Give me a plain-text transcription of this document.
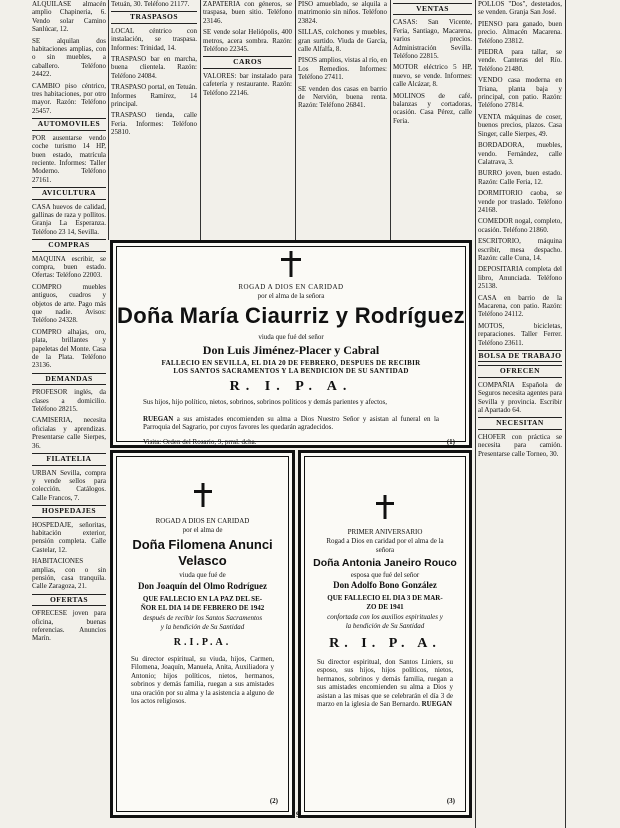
ALQUILASE almacén amplio Chapineria, 6. Vendo solar Camino Sanlúcar, 12.

SE alquilan dos habitaciones amplias, con o sin muebles, a caballero. Teléfono 24422.

CAMBIO piso céntrico, tres habitaciones, por otro mayor. Razón: Teléfono 25457.

AUTOMOVILES

POR ausentarse vendo coche turismo 14 HP, buen estado, matrícula reciente. Informes: Taller Moderno. Teléfono 27161.

AVICULTURA

CASA huevos de calidad, gallinas de raza y pollitos. Granja La Esperanza. Teléfono 23 14, Sevilla.

COMPRAS

MAQUINA escribir, se compra, buen estado. Ofertas: Teléfono 22003.

COMPRO muebles antiguos, cuadros y objetos de arte. Pago más que nadie. Avisos: Teléfono 24328.

COMPRO alhajas, oro, plata, brillantes y papeletas del Monte. Casa de la Plata. Teléfono 23136.

DEMANDAS

PROFESOR inglés, da clases a domicilio. Teléfono 28215.

CAMISERIA, necesita oficialas y aprendizas. Presentarse calle Sierpes, 36.

FILATELIA

URBAN Sevilla, compra y vende sellos para colección. Catálogos. Calle Francos, 7.

HOSPEDAJES

HOSPEDAJE, señoritas, habitación exterior, pensión completa. Calle Castelar, 12.

HABITACIONES amplias, con o sin pensión, casa tranquila. Calle Zaragoza, 21.

OFERTAS

OFRECESE joven para oficina, buenas referencias. Anuncios Marín.

Tetuán, 30. Teléfono 21177.

TRASPASOS

LOCAL céntrico con instalación, se traspasa. Informes: Trinidad, 14.

TRASPASO bar en marcha, buena clientela. Razón: Teléfono 24084.

TRASPASO portal, en Tetuán. Informes Ramírez, 14 principal.

TRASPASO tienda, calle Feria. Informes: Teléfono 25810.

ZAPATERIA con géneros, se traspasa, buen sitio. Teléfono 23146.

SE vende solar Heliópolis, 400 metros, acera sombra. Razón: Teléfono 22345.

CAROS

VALORES: bar instalado para cafetería y restaurante. Razón: Teléfono 22146.

PISO amueblado, se alquila a matrimonio sin niños. Teléfono 23824.

SILLAS, colchones y muebles, gran surtido. Viuda de García, calle Alfalfa, 8.

PISOS amplios, vistas al río, en Los Remedios. Informes: Teléfono 27411.

SE venden dos casas en barrio de Nervión, buena renta. Razón: Teléfono 26841.

VENTAS

CASAS: San Vicente, Feria, Santiago, Macarena, varios precios. Administración Sevilla. Teléfono 22815.

MOTOR eléctrico 5 HP, nuevo, se vende. Informes: calle Alcázar, 8.

MOLINOS de café, balanzas y cortadoras, ocasión. Casa Pérez, calle Feria.

POLLOS "Dos", destetados, se venden. Granja San José.

PIENSO para ganado, buen precio. Almacén Macarena. Teléfono 23812.

PIEDRA para tallar, se vende. Canteras del Río. Teléfono 21480.

VENDO casa moderna en Triana, planta baja y principal, con patio. Razón: Teléfono 27814.

VENTA máquinas de coser, buenos precios, plazos. Casa Singer, calle Sierpes, 49.

BORDADORA, muebles, vendo. Fernández, calle Calatrava, 3.

BURRO joven, buen estado. Razón: Calle Feria, 12.

DORMITORIO caoba, se vende por traslado. Teléfono 24168.

COMEDOR nogal, completo, ocasión. Teléfono 21860.

ESCRITORIO, máquina escribir, mesa despacho. Razón: calle Cuna, 14.

DEPOSITARIA completa del libro, Anunciada. Teléfono 25138.

CASA en barrio de la Macarena, con patio. Razón: Teléfono 24112.

MOTOS, bicicletas, reparaciones. Taller Ferrer. Teléfono 23611.

BOLSA DE TRABAJO
OFRECEN

COMPAÑIA Española de Seguros necesita agentes para Sevilla y provincia. Escribir al Apartado 64.

NECESITAN

CHOFER con práctica se necesita para camión. Presentarse calle Torneo, 30.

ROGAD A DIOS EN CARIDAD
por el alma de la señora
Doña María Ciaurriz y Rodríguez
viuda que fué del señor
Don Luis Jiménez-Placer y Cabral
FALLECIO EN SEVILLA, EL DIA 20 DE FEBRERO, DESPUES DE RECIBIR
LOS SANTOS SACRAMENTOS Y LA BENDICION DE SU SANTIDAD
R. I. P. A.
Sus hijos, hijo político, nietos, sobrinos, sobrinos políticos y demás parientes y afectos,
RUEGAN a sus amistades encomienden su alma a Dios Nuestro Señor y asistan al funeral en la Parroquia del Sagrario, por cuyos favores les quedarán agradecidos.
Visita: Orden del Rosario, 9, prral. dcha.	(1)
ROGAD A DIOS EN CARIDAD
por el alma de
Doña Filomena Anunci
Velasco
viuda que fué de
Don Joaquín del Olmo Rodríguez
QUE FALLECIO EN LA PAZ DEL SE-
ÑOR EL DIA 14 DE FEBRERO DE 1942
después de recibir los Santos Sacramentos
y la bendición de Su Santidad
R.I.P.A.
Su director espiritual, su viuda, hijos, Carmen, Filomena, Joaquín, Manuela, Anita, Auxiliadora y Antonio; hijos políticos, nietos, hermanos, sobrinos y demás familia, ruegan a sus amistades una oración por su alma y la asistencia a alguno de los actos religiosos.
(2)
PRIMER ANIVERSARIO
Rogad a Dios en caridad por el alma de la señora
Doña Antonia Janeiro Rouco
esposa que fué del señor
Don Adolfo Bono González
QUE FALLECIO EL DIA 3 DE MAR-
ZO DE 1941
confortada con los auxilios espirituales y
la bendición de Su Santidad
R. I. P. A.
Su director espiritual, don Santos Liniers, su esposo, sus hijos, hijos políticos, nietos, hermanos, sobrinos y demás familia, ruegan a sus amistades encomienden su alma a Dios y asistan a las misas que se celebrarán el día 3 de marzo en la iglesia de San Bernardo. RUEGAN
(3)
9
